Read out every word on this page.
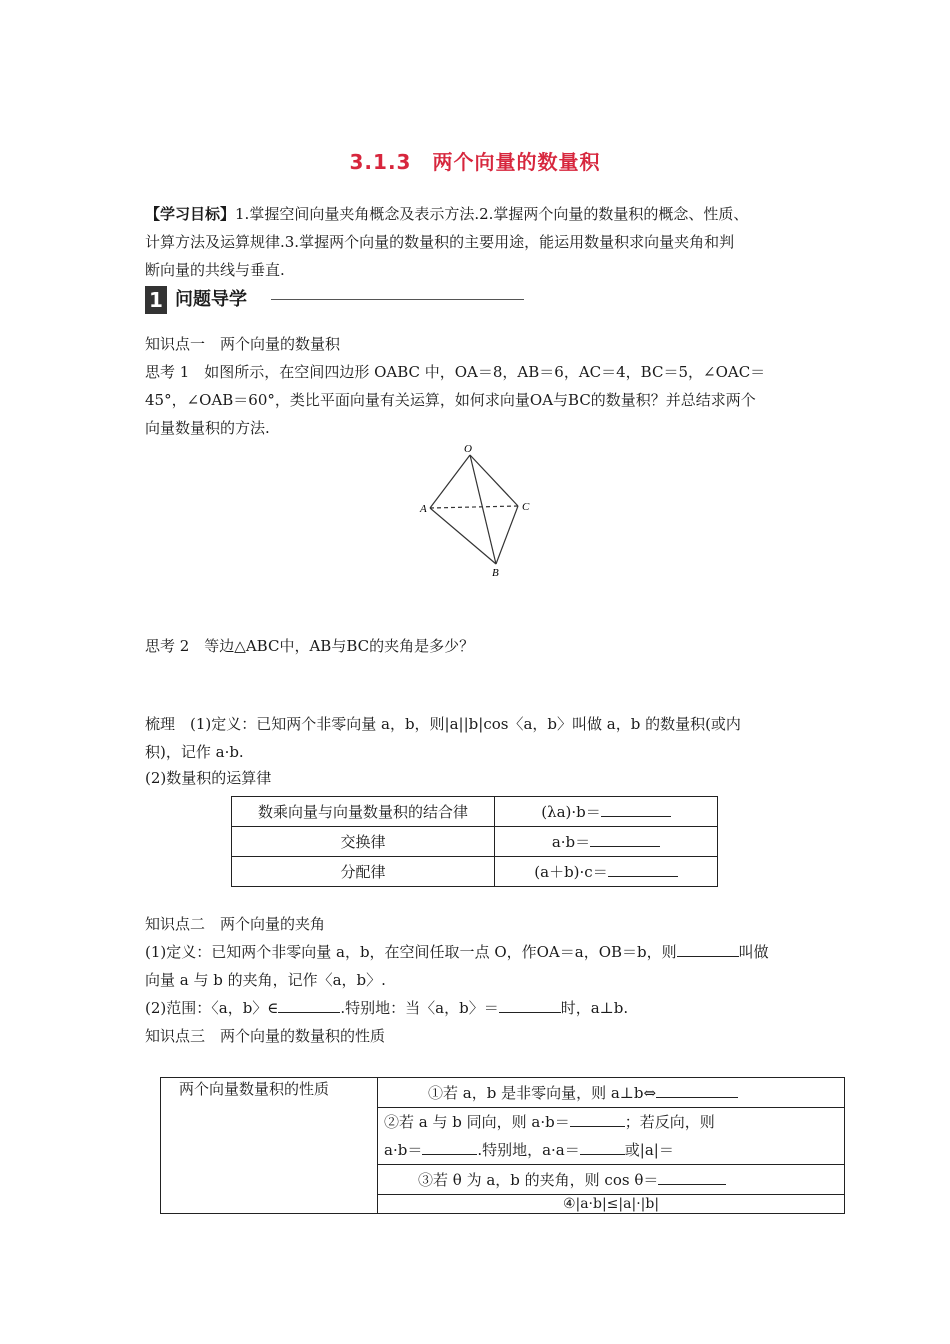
3.1.3　两个向量的数量积
【学习目标】1.掌握空间向量夹角概念及表示方法.2.掌握两个向量的数量积的概念、性质、
计算方法及运算规律.3.掌握两个向量的数量积的主要用途，能运用数量积求向量夹角和判
断向量的共线与垂直.
1 问题导学
知识点一　两个向量的数量积
思考 1　如图所示，在空间四边形 OABC 中，OA＝8，AB＝6，AC＝4，BC＝5，∠OAC＝
45°，∠OAB＝60°，类比平面向量有关运算，如何求向量OA与BC的数量积？并总结求两个
向量数量积的方法.
O
A	C
B
思考 2　等边△ABC中，AB与BC的夹角是多少？
梳理　(1)定义：已知两个非零向量 a，b，则|a||b|cos〈a，b〉叫做 a，b 的数量积(或内
积)，记作 a·b.
(2)数量积的运算律
数乘向量与向量数量积的结合律	(λa)·b＝
交换律	a·b＝
分配律	(a＋b)·c＝
知识点二　两个向量的夹角
(1)定义：已知两个非零向量 a，b，在空间任取一点 O，作OA＝a，OB＝b，则	叫做
向量 a 与 b 的夹角，记作〈a，b〉.
(2)范围：〈a，b〉∈	.特别地：当〈a，b〉＝	时，a⊥b.
知识点三　两个向量的数量积的性质
两个向量数量积的性质	①若 a，b 是非零向量，则 a⊥b⇔

②若 a 与 b 同向，则 a·b＝	；若反向，则
a·b＝	.特别地，a·a＝	或|a|＝

③若 θ 为 a，b 的夹角，则 cos θ＝
④|a·b|≤|a|·|b|
